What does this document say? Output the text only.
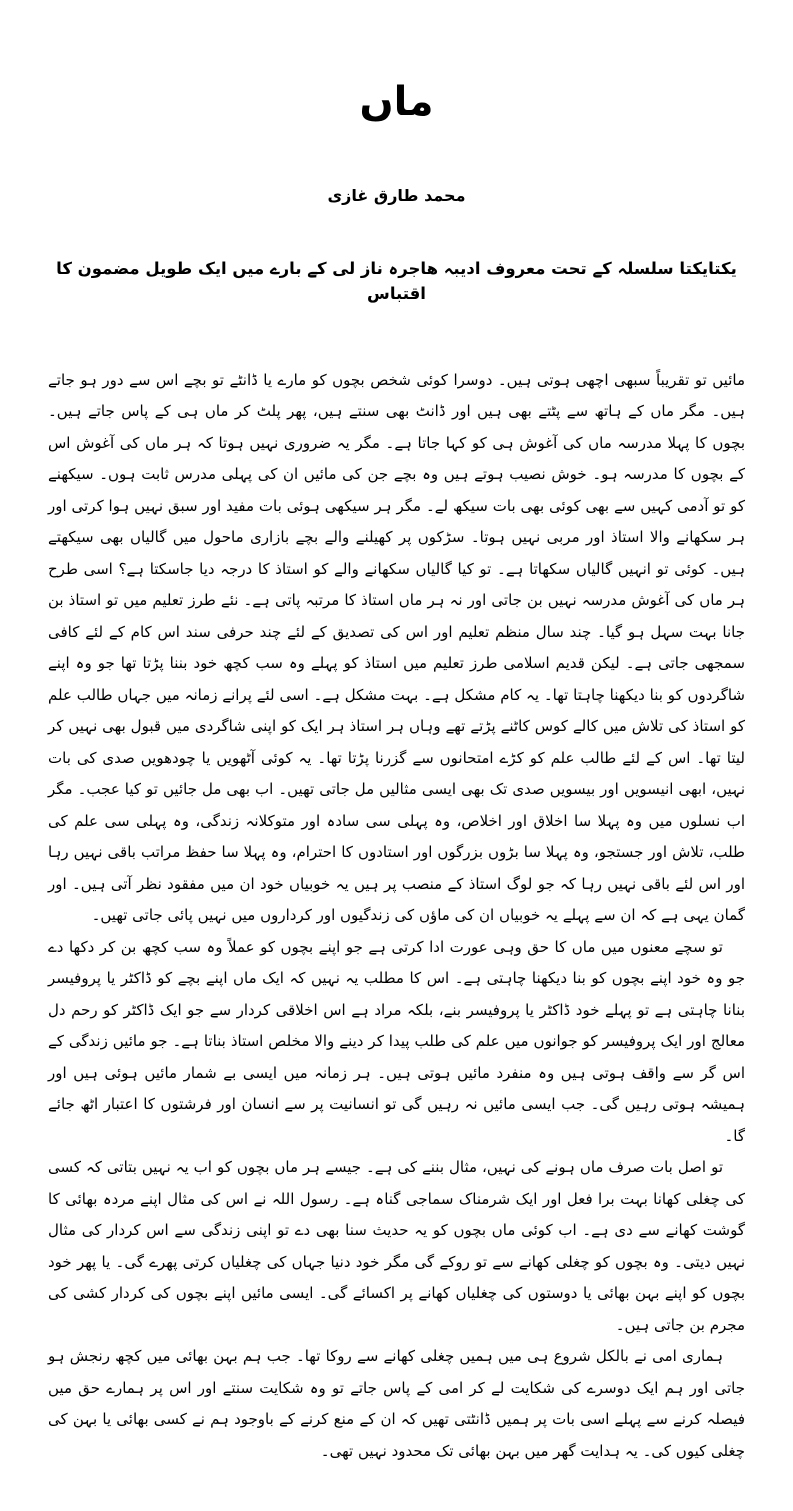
ماں
محمد طارق غازی
یکتایکتا سلسلہ کے تحت معروف ادیبہ ھاجرہ ناز لی کے بارے میں ایک طویل مضمون کا اقتباس

مائیں تو تقریباً سبھی اچھی ہوتی ہیں۔ دوسرا کوئی شخص بچوں کو مارے یا ڈانٹے تو بچے اس سے دور ہو جاتے ہیں۔ مگر ماں کے ہاتھ سے پٹتے بھی ہیں اور ڈانٹ بھی سنتے ہیں، پھر پلٹ کر ماں ہی کے پاس جاتے ہیں۔ بچوں کا پہلا مدرسہ ماں کی آغوش ہی کو کہا جاتا ہے۔ مگر یہ ضروری نہیں ہوتا کہ ہر ماں کی آغوش اس کے بچوں کا مدرسہ ہو۔ خوش نصیب ہوتے ہیں وہ بچے جن کی مائیں ان کی پہلی مدرس ثابت ہوں۔ سیکھنے کو تو آدمی کہیں سے بھی کوئی بھی بات سیکھ لے۔ مگر ہر سیکھی ہوئی بات مفید اور سبق نہیں ہوا کرتی اور ہر سکھانے والا استاذ اور مربی نہیں ہوتا۔ سڑکوں پر کھیلنے والے بچے بازاری ماحول میں گالیاں بھی سیکھتے ہیں۔ کوئی تو انہیں گالیاں سکھاتا ہے۔ تو کیا گالیاں سکھانے والے کو استاذ کا درجہ دیا جاسکتا ہے؟ اسی طرح ہر ماں کی آغوش مدرسہ نہیں بن جاتی اور نہ ہر ماں استاذ کا مرتبہ پاتی ہے۔ نئے طرز تعلیم میں تو استاذ بن جانا بہت سہل ہو گیا۔ چند سال منظم تعلیم اور اس کی تصدیق کے لئے چند حرفی سند اس کام کے لئے کافی سمجھی جاتی ہے۔ لیکن قدیم اسلامی طرز تعلیم میں استاذ کو پہلے وہ سب کچھ خود بننا پڑتا تھا جو وہ اپنے شاگردوں کو بنا دیکھنا چاہتا تھا۔ یہ کام مشکل ہے۔ بہت مشکل ہے۔ اسی لئے پرانے زمانہ میں جہاں طالب علم کو استاذ کی تلاش میں کالے کوس کاٹنے پڑتے تھے وہاں ہر استاذ ہر ایک کو اپنی شاگردی میں قبول بھی نہیں کر لیتا تھا۔ اس کے لئے طالب علم کو کڑے امتحانوں سے گزرنا پڑتا تھا۔ یہ کوئی آٹھویں یا چودھویں صدی کی بات نہیں، ابھی انیسویں اور بیسویں صدی تک بھی ایسی مثالیں مل جاتی تھیں۔ اب بھی مل جائیں تو کیا عجب۔ مگر اب نسلوں میں وہ پہلا سا اخلاق اور اخلاص، وہ پہلی سی سادہ اور متوکلانہ زندگی، وہ پہلی سی علم کی طلب، تلاش اور جستجو، وہ پہلا سا بڑوں بزرگوں اور استادوں کا احترام، وہ پہلا سا حفظ مراتب باقی نہیں رہا اور اس لئے باقی نہیں رہا کہ جو لوگ استاذ کے منصب پر ہیں یہ خوبیاں خود ان میں مفقود نظر آتی ہیں۔ اور گمان یہی ہے کہ ان سے پہلے یہ خوبیاں ان کی ماؤں کی زندگیوں اور کرداروں میں نہیں پائی جاتی تھیں۔

تو سچے معنوں میں ماں کا حق وہی عورت ادا کرتی ہے جو اپنے بچوں کو عملاً وہ سب کچھ بن کر دکھا دے جو وہ خود اپنے بچوں کو بنا دیکھنا چاہتی ہے۔ اس کا مطلب یہ نہیں کہ ایک ماں اپنے بچے کو ڈاکٹر یا پروفیسر بنانا چاہتی ہے تو پہلے خود ڈاکٹر یا پروفیسر بنے، بلکہ مراد ہے اس اخلاقی کردار سے جو ایک ڈاکٹر کو رحم دل معالج اور ایک پروفیسر کو جوانوں میں علم کی طلب پیدا کر دینے والا مخلص استاذ بناتا ہے۔ جو مائیں زندگی کے اس گر سے واقف ہوتی ہیں وہ منفرد مائیں ہوتی ہیں۔ ہر زمانہ میں ایسی بے شمار مائیں ہوئی ہیں اور ہمیشہ ہوتی رہیں گی۔ جب ایسی مائیں نہ رہیں گی تو انسانیت پر سے انسان اور فرشتوں کا اعتبار اٹھ جائے گا۔

تو اصل بات صرف ماں ہونے کی نہیں، مثال بننے کی ہے۔ جیسے ہر ماں بچوں کو اب یہ نہیں بتاتی کہ کسی کی چغلی کھانا بہت برا فعل اور ایک شرمناک سماجی گناہ ہے۔ رسول اللہ نے اس کی مثال اپنے مردہ بھائی کا گوشت کھانے سے دی ہے۔ اب کوئی ماں بچوں کو یہ حدیث سنا بھی دے تو اپنی زندگی سے اس کردار کی مثال نہیں دیتی۔ وہ بچوں کو چغلی کھانے سے تو روکے گی مگر خود دنیا جہاں کی چغلیاں کرتی پھرے گی۔ یا پھر خود بچوں کو اپنے بہن بھائی یا دوستوں کی چغلیاں کھانے پر اکسائے گی۔ ایسی مائیں اپنے بچوں کی کردار کشی کی مجرم بن جاتی ہیں۔

ہماری امی نے بالکل شروع ہی میں ہمیں چغلی کھانے سے روکا تھا۔ جب ہم بہن بھائی میں کچھ رنجش ہو جاتی اور ہم ایک دوسرے کی شکایت لے کر امی کے پاس جاتے تو وہ شکایت سنتے اور اس پر ہمارے حق میں فیصلہ کرنے سے پہلے اسی بات پر ہمیں ڈانٹتی تھیں کہ ان کے منع کرنے کے باوجود ہم نے کسی بھائی یا بہن کی چغلی کیوں کی۔ یہ ہدایت گھر میں بہن بھائی تک محدود نہیں تھی۔
